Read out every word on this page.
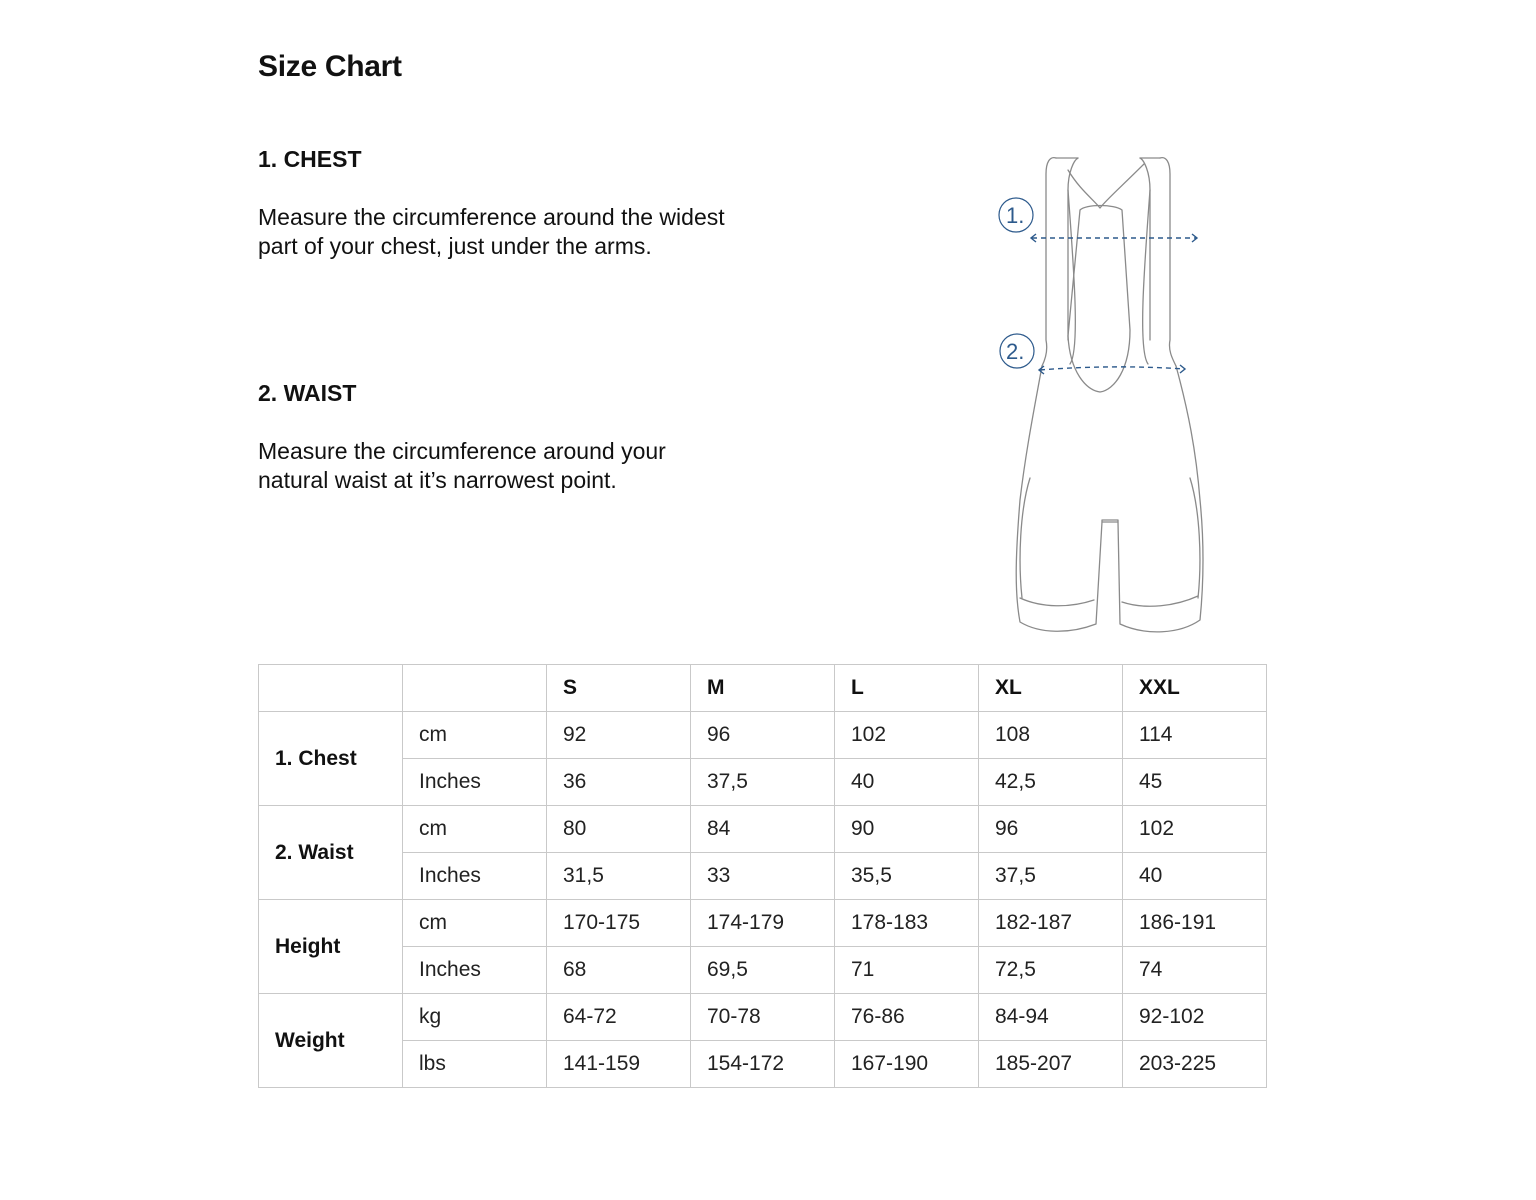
Size Chart
1. CHEST

Measure the circumference around the widest
part of your chest, just under the arms.

2. WAIST

Measure the circumference around your
natural waist at it’s narrowest point.

1.
2.
		S	M	L	XL	XXL
1. Chest	cm	92	96	102	108	114
	Inches	36	37,5	40	42,5	45
2. Waist	cm	80	84	90	96	102
	Inches	31,5	33	35,5	37,5	40
Height	cm	170-175	174-179	178-183	182-187	186-191
	Inches	68	69,5	71	72,5	74
Weight	kg	64-72	70-78	76-86	84-94	92-102
	lbs	141-159	154-172	167-190	185-207	203-225
